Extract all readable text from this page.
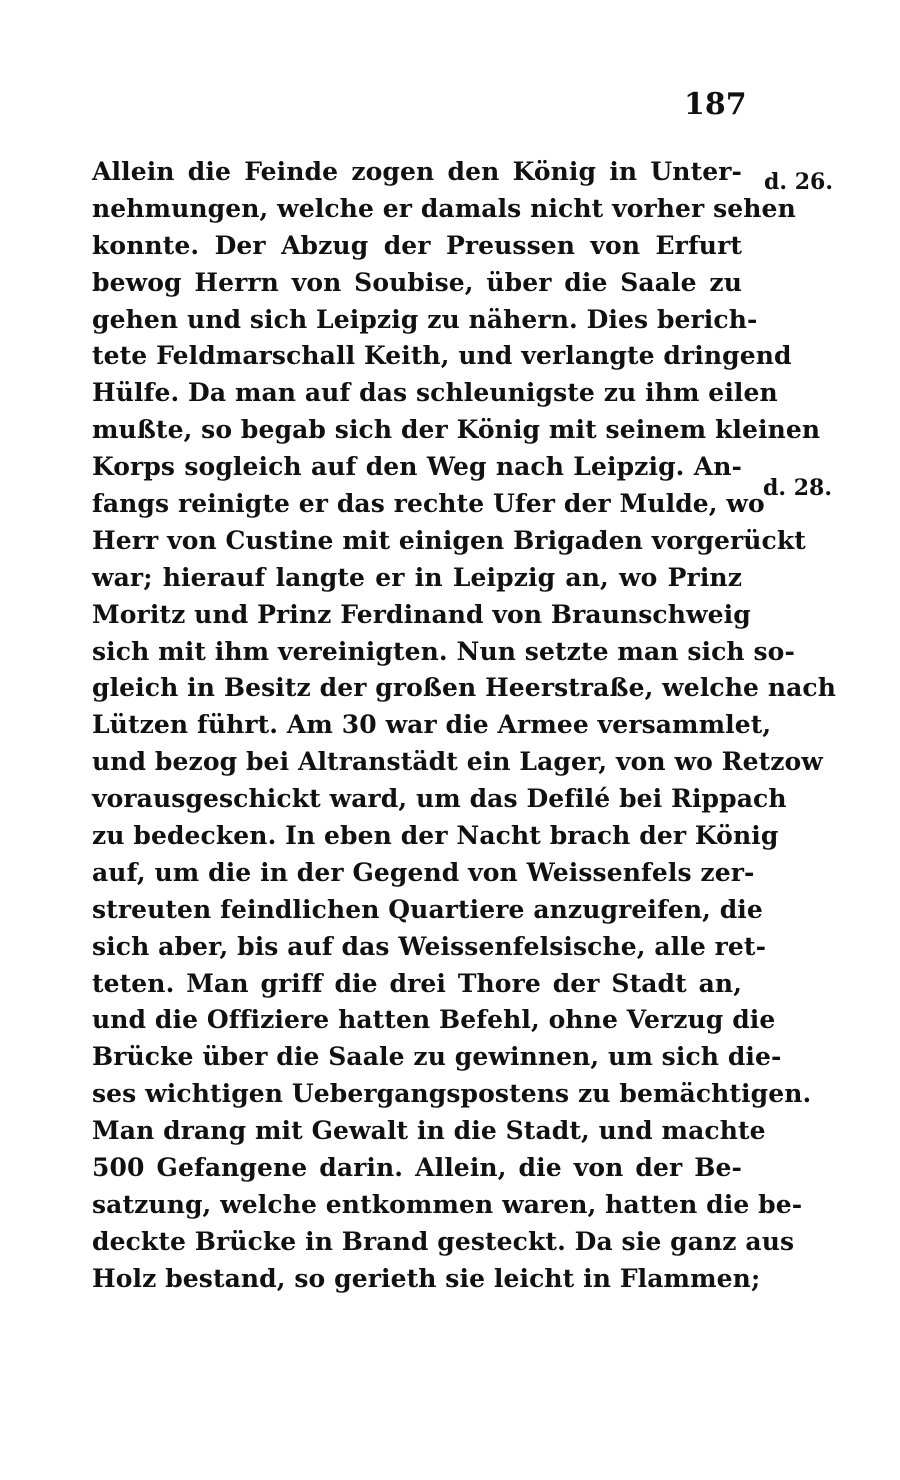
187
d. 26.
d. 28.
Allein die Feinde zogen den König in Unter-
nehmungen, welche er damals nicht vorher sehen
konnte. Der Abzug der Preussen von Erfurt
bewog Herrn von Soubise, über die Saale zu
gehen und sich Leipzig zu nähern. Dies berich-
tete Feldmarschall Keith, und verlangte dringend
Hülfe. Da man auf das schleunigste zu ihm eilen
mußte, so begab sich der König mit seinem kleinen
Korps sogleich auf den Weg nach Leipzig. An-
fangs reinigte er das rechte Ufer der Mulde, wo
Herr von Custine mit einigen Brigaden vorgerückt
war; hierauf langte er in Leipzig an, wo Prinz
Moritz und Prinz Ferdinand von Braunschweig
sich mit ihm vereinigten. Nun setzte man sich so-
gleich in Besitz der großen Heerstraße, welche nach
Lützen führt. Am 30 war die Armee versammlet,
und bezog bei Altranstädt ein Lager, von wo Retzow
vorausgeschickt ward, um das Defilé bei Rippach
zu bedecken. In eben der Nacht brach der König
auf, um die in der Gegend von Weissenfels zer-
streuten feindlichen Quartiere anzugreifen, die
sich aber, bis auf das Weissenfelsische, alle ret-
teten. Man griff die drei Thore der Stadt an,
und die Offiziere hatten Befehl, ohne Verzug die
Brücke über die Saale zu gewinnen, um sich die-
ses wichtigen Uebergangspostens zu bemächtigen.
Man drang mit Gewalt in die Stadt, und machte
500 Gefangene darin. Allein, die von der Be-
satzung, welche entkommen waren, hatten die be-
deckte Brücke in Brand gesteckt. Da sie ganz aus
Holz bestand, so gerieth sie leicht in Flammen;
